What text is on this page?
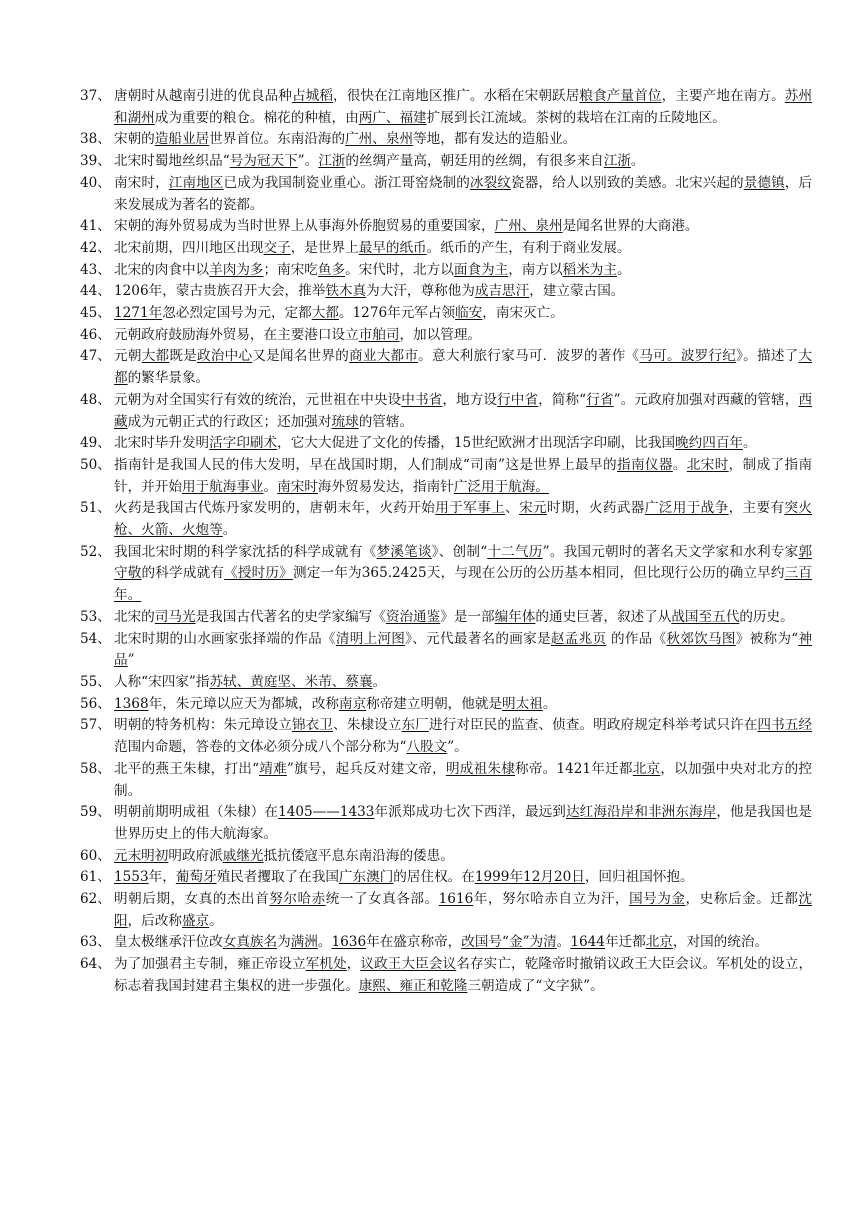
37、 唐朝时从越南引进的优良品种占城稻，很快在江南地区推广。水稻在宋朝跃居粮食产量首位，主要产地在南方。苏州和湖州成为重要的粮仓。棉花的种植，由两广、福建扩展到长江流域。茶树的栽培在江南的丘陵地区。
38、 宋朝的造船业居世界首位。东南沿海的广州、泉州等地，都有发达的造船业。
39、 北宋时蜀地丝织品“号为冠天下”。江浙的丝绸产量高，朝廷用的丝绸，有很多来自江浙。
40、 南宋时，江南地区已成为我国制瓷业重心。浙江哥窑烧制的冰裂纹瓷器，给人以别致的美感。北宋兴起的景德镇，后来发展成为著名的瓷都。
41、 宋朝的海外贸易成为当时世界上从事海外侨胞贸易的重要国家，广州、泉州是闻名世界的大商港。
42、 北宋前期，四川地区出现交子，是世界上最早的纸币。纸币的产生，有利于商业发展。
43、 北宋的肉食中以羊肉为多；南宋吃鱼多。宋代时，北方以面食为主，南方以稻米为主。
44、 1206年，蒙古贵族召开大会，推举铁木真为大汗，尊称他为成吉思汗，建立蒙古国。
45、 1271年忽必烈定国号为元，定都大都。1276年元军占领临安，南宋灭亡。
46、 元朝政府鼓励海外贸易，在主要港口设立市舶司，加以管理。
47、 元朝大都既是政治中心又是闻名世界的商业大都市。意大利旅行家马可．波罗的著作《马可。波罗行纪》。描述了大都的繁华景象。
48、 元朝为对全国实行有效的统治，元世祖在中央设中书省，地方设行中省，简称“行省”。元政府加强对西藏的管辖，西藏成为元朝正式的行政区；还加强对琉球的管辖。
49、 北宋时毕升发明活字印刷术，它大大促进了文化的传播，15世纪欧洲才出现活字印刷，比我国晚约四百年。
50、 指南针是我国人民的伟大发明，早在战国时期，人们制成“司南”这是世界上最早的指南仪器。北宋时，制成了指南针，并开始用于航海事业。南宋时海外贸易发达，指南针广泛用于航海。
51、 火药是我国古代炼丹家发明的，唐朝末年，火药开始用于军事上、宋元时期，火药武器广泛用于战争，主要有突火枪、火箭、火炮等。
52、 我国北宋时期的科学家沈括的科学成就有《梦溪笔谈》、创制“十二气历”。我国元朝时的著名天文学家和水利专家郭守敬的科学成就有《授时历》测定一年为365.2425天，与现在公历的公历基本相同，但比现行公历的确立早约三百年。
53、 北宋的司马光是我国古代著名的史学家编写《资治通鉴》是一部编年体的通史巨著，叙述了从战国至五代的历史。
54、 北宋时期的山水画家张择端的作品《清明上河图》、元代最著名的画家是赵孟兆页 的作品《秋郊饮马图》被称为“神品”
55、 人称“宋四家”指苏轼、黄庭坚、米芾、蔡襄。
56、 1368年，朱元璋以应天为都城，改称南京称帝建立明朝，他就是明太祖。
57、 明朝的特务机构：朱元璋设立锦衣卫、朱棣设立东厂进行对臣民的监查、侦查。明政府规定科举考试只许在四书五经范围内命题，答卷的文体必须分成八个部分称为“八股文”。
58、 北平的燕王朱棣，打出“靖难”旗号，起兵反对建文帝，明成祖朱棣称帝。1421年迁都北京，以加强中央对北方的控制。
59、 明朝前期明成祖（朱棣）在1405——1433年派郑成功七次下西洋，最远到达红海沿岸和非洲东海岸，他是我国也是世界历史上的伟大航海家。
60、 元末明初明政府派戚继光抵抗倭寇平息东南沿海的倭患。
61、 1553年，葡萄牙殖民者攫取了在我国广东澳门的居住权。在1999年12月20日，回归祖国怀抱。
62、 明朝后期，女真的杰出首努尔哈赤统一了女真各部。1616年，努尔哈赤自立为汗，国号为金，史称后金。迁都沈阳，后改称盛京。
63、 皇太极继承汗位改女真族名为满洲。1636年在盛京称帝，改国号“金”为清。1644年迁都北京，对国的统治。
64、 为了加强君主专制，雍正帝设立军机处，议政王大臣会议名存实亡，乾隆帝时撤销议政王大臣会议。军机处的设立，标志着我国封建君主集权的进一步强化。康熙、雍正和乾隆三朝造成了“文字狱”。
